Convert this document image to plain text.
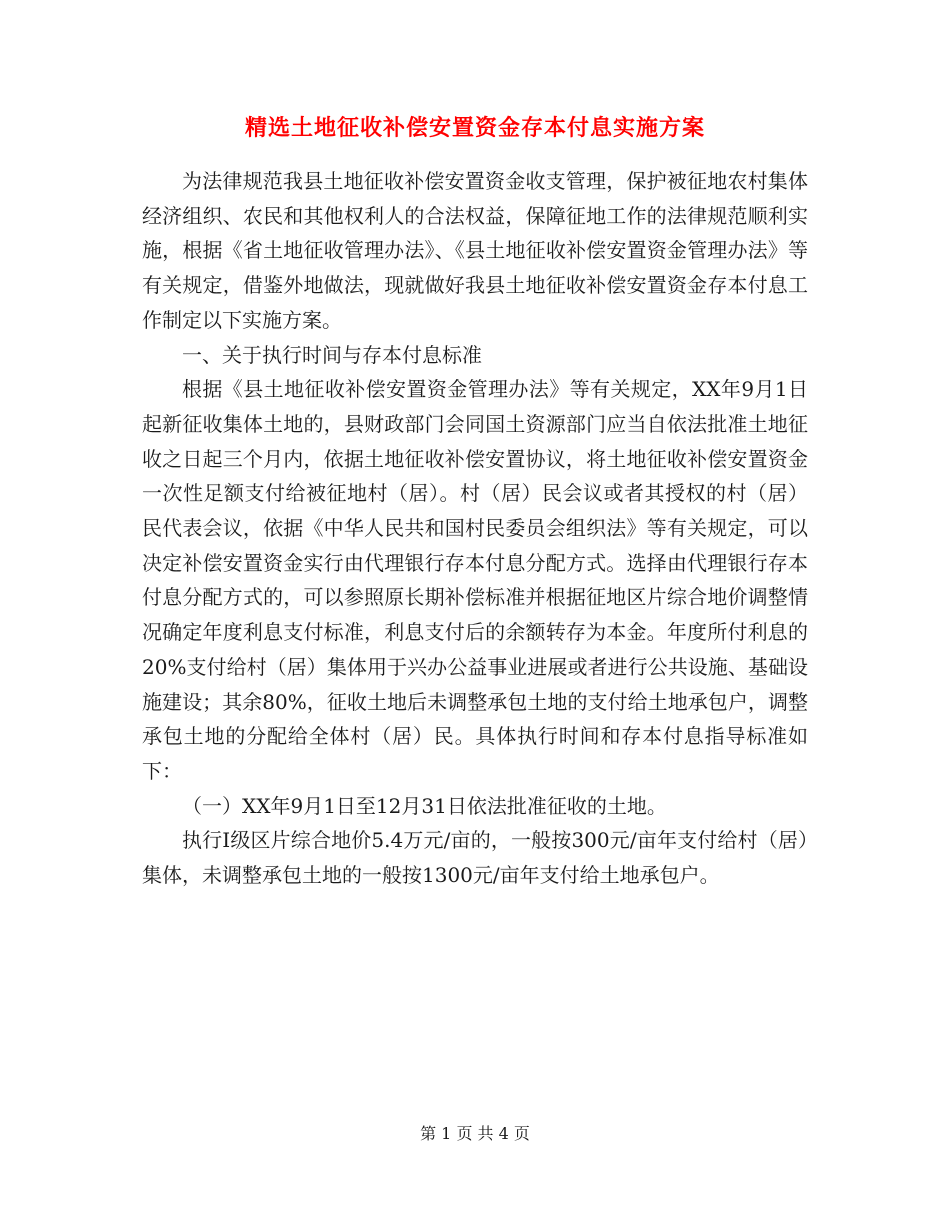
精选土地征收补偿安置资金存本付息实施方案

为法律规范我县土地征收补偿安置资金收支管理，保护被征地农村集体经济组织、农民和其他权利人的合法权益，保障征地工作的法律规范顺利实施，根据《省土地征收管理办法》、《县土地征收补偿安置资金管理办法》等有关规定，借鉴外地做法，现就做好我县土地征收补偿安置资金存本付息工作制定以下实施方案。

一、关于执行时间与存本付息标准

根据《县土地征收补偿安置资金管理办法》等有关规定，XX年9月1日起新征收集体土地的，县财政部门会同国土资源部门应当自依法批准土地征收之日起三个月内，依据土地征收补偿安置协议，将土地征收补偿安置资金一次性足额支付给被征地村（居）。村（居）民会议或者其授权的村（居）民代表会议，依据《中华人民共和国村民委员会组织法》等有关规定，可以决定补偿安置资金实行由代理银行存本付息分配方式。选择由代理银行存本付息分配方式的，可以参照原长期补偿标准并根据征地区片综合地价调整情况确定年度利息支付标准，利息支付后的余额转存为本金。年度所付利息的20%支付给村（居）集体用于兴办公益事业进展或者进行公共设施、基础设施建设；其余80%，征收土地后未调整承包土地的支付给土地承包户，调整承包土地的分配给全体村（居）民。具体执行时间和存本付息指导标准如下：

（一）XX年9月1日至12月31日依法批准征收的土地。

执行Ⅰ级区片综合地价5.4万元/亩的，一般按300元/亩年支付给村（居）集体，未调整承包土地的一般按1300元/亩年支付给土地承包户。

第 1 页 共 4 页
